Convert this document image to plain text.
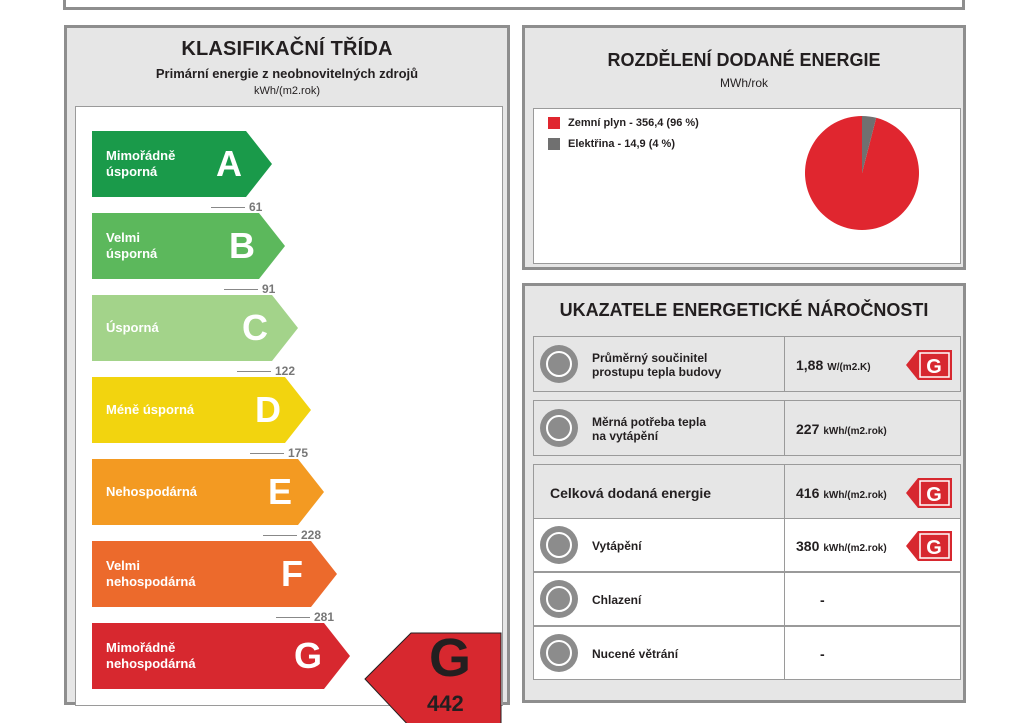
KLASIFIKAČNÍ TŘÍDA
Primární energie z neobnovitelných zdrojů
kWh/(m2.rok)
Mimořádně
úsporná	A
Velmi
úsporná B
Úsporná C
Méně úsporná D
Nehospodárná E
Velmi
nehospodárná F
Mimořádně
nehospodárná	G
61
91
122
175
228
281
G
442
ROZDĚLENÍ DODANÉ ENERGIE
MWh/rok
Zemní plyn - 356,4 (96 %)
Elektřina - 14,9 (4 %)
UKAZATELE ENERGETICKÉ NÁROČNOSTI
Průměrný součinitel
prostupu tepla budovy	1,88 W/(m2.K)	G
Měrná potřeba tepla
na vytápění	227 kWh/(m2.rok)
Celková dodaná energie	416 kWh/(m2.rok) G
Vytápění	380 kWh/(m2.rok) G
Chlazení	-
Nucené větrání	-
